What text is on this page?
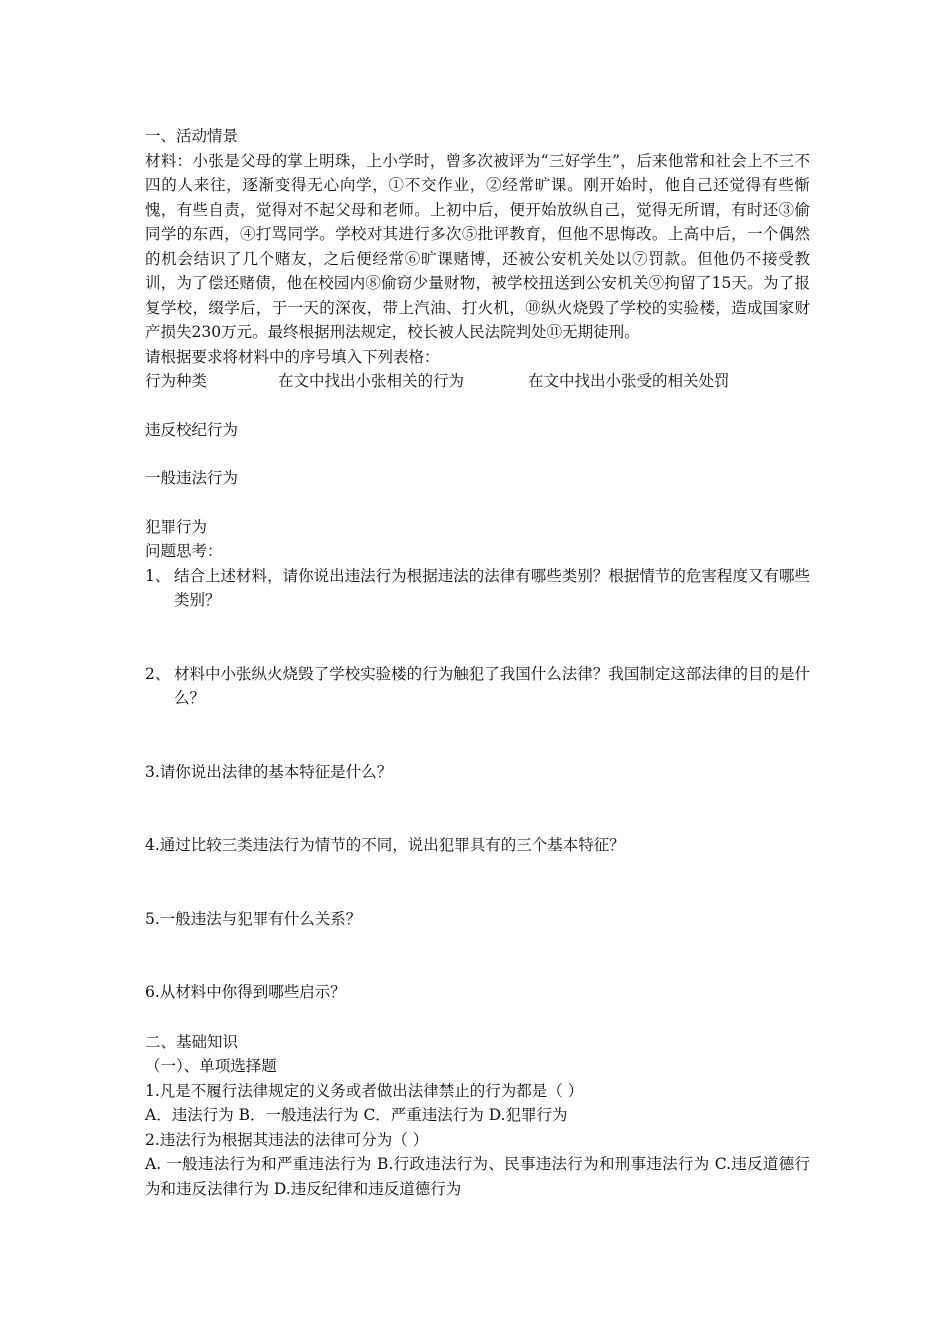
一、活动情景
材料：小张是父母的掌上明珠，上小学时，曾多次被评为“三好学生”，后来他常和社会上不三不四的人来往，逐渐变得无心向学，①不交作业，②经常旷课。刚开始时，他自己还觉得有些惭愧，有些自责，觉得对不起父母和老师。上初中后，便开始放纵自己，觉得无所谓，有时还③偷同学的东西，④打骂同学。学校对其进行多次⑤批评教育，但他不思悔改。上高中后，一个偶然的机会结识了几个赌友，之后便经常⑥旷课赌博，还被公安机关处以⑦罚款。但他仍不接受教训，为了偿还赌债，他在校园内⑧偷窃少量财物，被学校扭送到公安机关⑨拘留了15天。为了报复学校，缀学后，于一天的深夜，带上汽油、打火机，⑩纵火烧毁了学校的实验楼，造成国家财产损失230万元。最终根据刑法规定，校长被人民法院判处⑪无期徒刑。
请根据要求将材料中的序号填入下列表格：
行为种类	在文中找出小张相关的行为	在文中找出小张受的相关处罚
违反校纪行为
一般违法行为
犯罪行为
问题思考：
1、 结合上述材料，请你说出违法行为根据违法的法律有哪些类别？根据情节的危害程度又有哪些类别？
2、 材料中小张纵火烧毁了学校实验楼的行为触犯了我国什么法律？我国制定这部法律的目的是什么？
3.请你说出法律的基本特征是什么？
4.通过比较三类违法行为情节的不同，说出犯罪具有的三个基本特征？
5.一般违法与犯罪有什么关系？
6.从材料中你得到哪些启示？
二、基础知识
（一）、单项选择题
1.凡是不履行法律规定的义务或者做出法律禁止的行为都是（ ）
A．违法行为 B．一般违法行为 C．严重违法行为 D.犯罪行为
2.违法行为根据其违法的法律可分为（ ）
A. 一般违法行为和严重违法行为 B.行政违法行为、民事违法行为和刑事违法行为 C.违反道德行为和违反法律行为 D.违反纪律和违反道德行为
